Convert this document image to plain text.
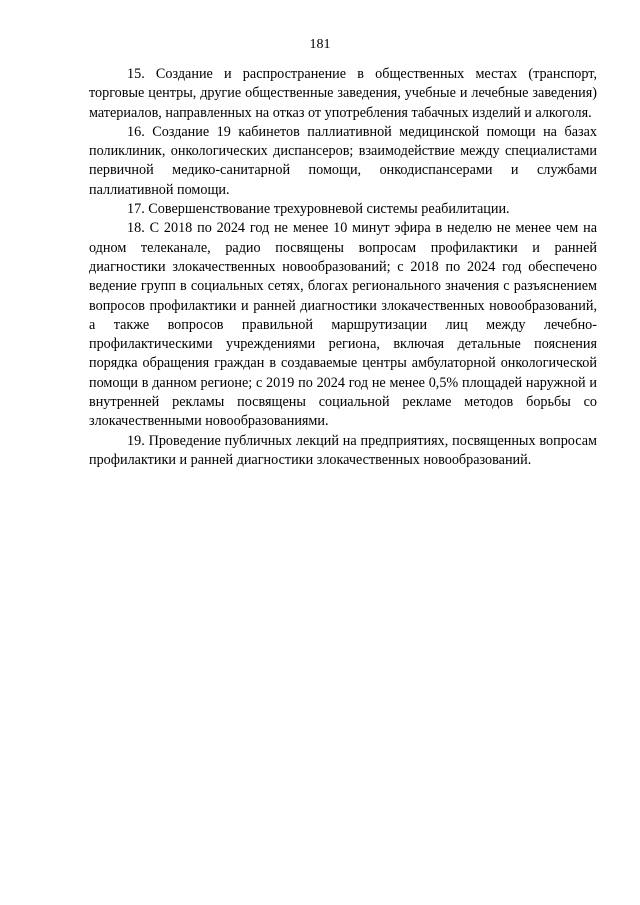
181

15. Создание и распространение в общественных местах (транспорт, торговые центры, другие общественные заведения, учебные и лечебные заведения) материалов, направленных на отказ от употребления табачных изделий и алкоголя.

16. Создание 19 кабинетов паллиативной медицинской помощи на базах поликлиник, онкологических диспансеров; взаимодействие между специалистами первичной медико-санитарной помощи, онкодиспансерами и службами паллиативной помощи.

17. Совершенствование трехуровневой системы реабилитации.

18. С 2018 по 2024 год не менее 10 минут эфира в неделю не менее чем на одном телеканале, радио посвящены вопросам профилактики и ранней диагностики злокачественных новообразований; с 2018 по 2024 год обеспечено ведение групп в социальных сетях, блогах регионального значения с разъяснением вопросов профилактики и ранней диагностики злокачественных новообразований, а также вопросов правильной маршрутизации лиц между лечебно-профилактическими учреждениями региона, включая детальные пояснения порядка обращения граждан в создаваемые центры амбулаторной онкологической помощи в данном регионе; с 2019 по 2024 год не менее 0,5% площадей наружной и внутренней рекламы посвящены социальной рекламе методов борьбы со злокачественными новообразованиями.

19. Проведение публичных лекций на предприятиях, посвященных вопросам профилактики и ранней диагностики злокачественных новообразований.
